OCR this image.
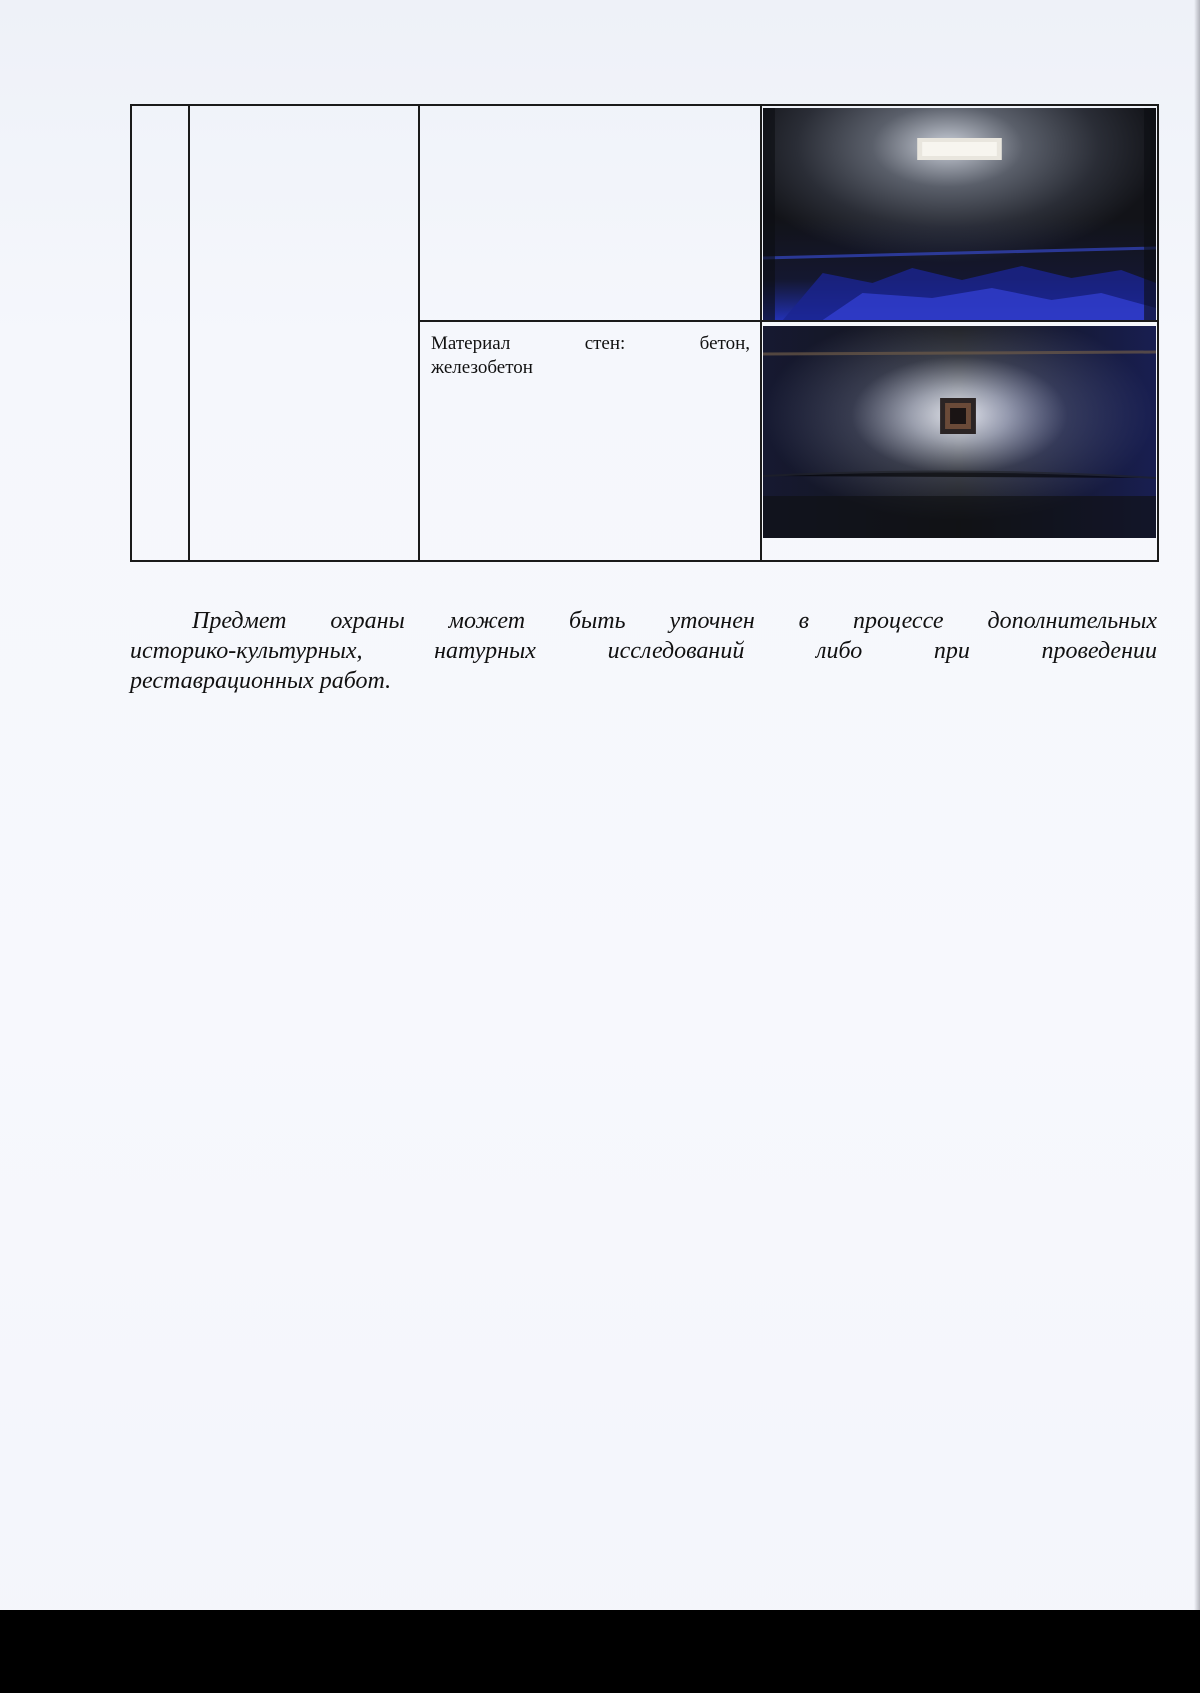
		Материал стен: бетон,
железобетон

Предмет охраны может быть уточнен в процессе дополнительных
историко-культурных,	натурных	исследований	либо	при	проведении
реставрационных работ.
